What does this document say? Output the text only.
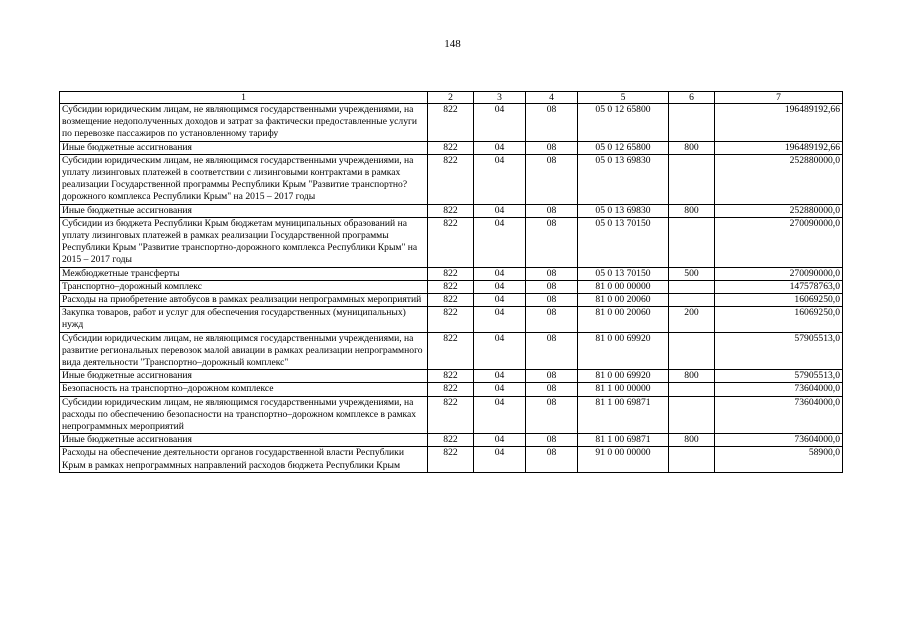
148
1	2	3	4	5	6	7
Субсидии юридическим лицам, не являющимся государственными учреждениями, на возмещение недополученных доходов и затрат за фактически предоставленные услуги по перевозке пассажиров по установленному тарифу	822	04	08	05 0 12 65800		196489192,66
Иные бюджетные ассигнования	822	04	08	05 0 12 65800	800	196489192,66
Субсидии юридическим лицам, не являющимся государственными учреждениями, на уплату лизинговых платежей в соответствии с лизинговыми контрактами в рамках реализации Государственной программы Республики Крым "Развитие транспортно?дорожного комплекса Республики Крым" на 2015 – 2017 годы	822	04	08	05 0 13 69830		252880000,0
Иные бюджетные ассигнования	822	04	08	05 0 13 69830	800	252880000,0
Субсидии из бюджета Республики Крым бюджетам муниципальных образований на уплату лизинговых платежей в рамках реализации Государственной программы Республики Крым "Развитие транспортно-дорожного комплекса Республики Крым" на 2015 – 2017 годы	822	04	08	05 0 13 70150		270090000,0
Межбюджетные трансферты	822	04	08	05 0 13 70150	500	270090000,0
Транспортно–дорожный комплекс	822	04	08	81 0 00 00000		147578763,0
Расходы на приобретение автобусов в рамках реализации непрограммных мероприятий	822	04	08	81 0 00 20060		16069250,0
Закупка товаров, работ и услуг для обеспечения государственных (муниципальных) нужд	822	04	08	81 0 00 20060	200	16069250,0
Субсидии юридическим лицам, не являющимся государственными учреждениями, на развитие региональных перевозок малой авиации в рамках реализации непрограммного вида деятельности "Транспортно–дорожный комплекс"	822	04	08	81 0 00 69920		57905513,0
Иные бюджетные ассигнования	822	04	08	81 0 00 69920	800	57905513,0
Безопасность на транспортно–дорожном комплексе	822	04	08	81 1 00 00000		73604000,0
Субсидии юридическим лицам, не являющимся государственными учреждениями, на расходы по обеспечению безопасности на транспортно–дорожном комплексе в рамках непрограммных мероприятий	822	04	08	81 1 00 69871		73604000,0
Иные бюджетные ассигнования	822	04	08	81 1 00 69871	800	73604000,0
Расходы на обеспечение деятельности органов государственной власти Республики Крым в рамках непрограммных направлений расходов бюджета Республики Крым	822	04	08	91 0 00 00000		58900,0
